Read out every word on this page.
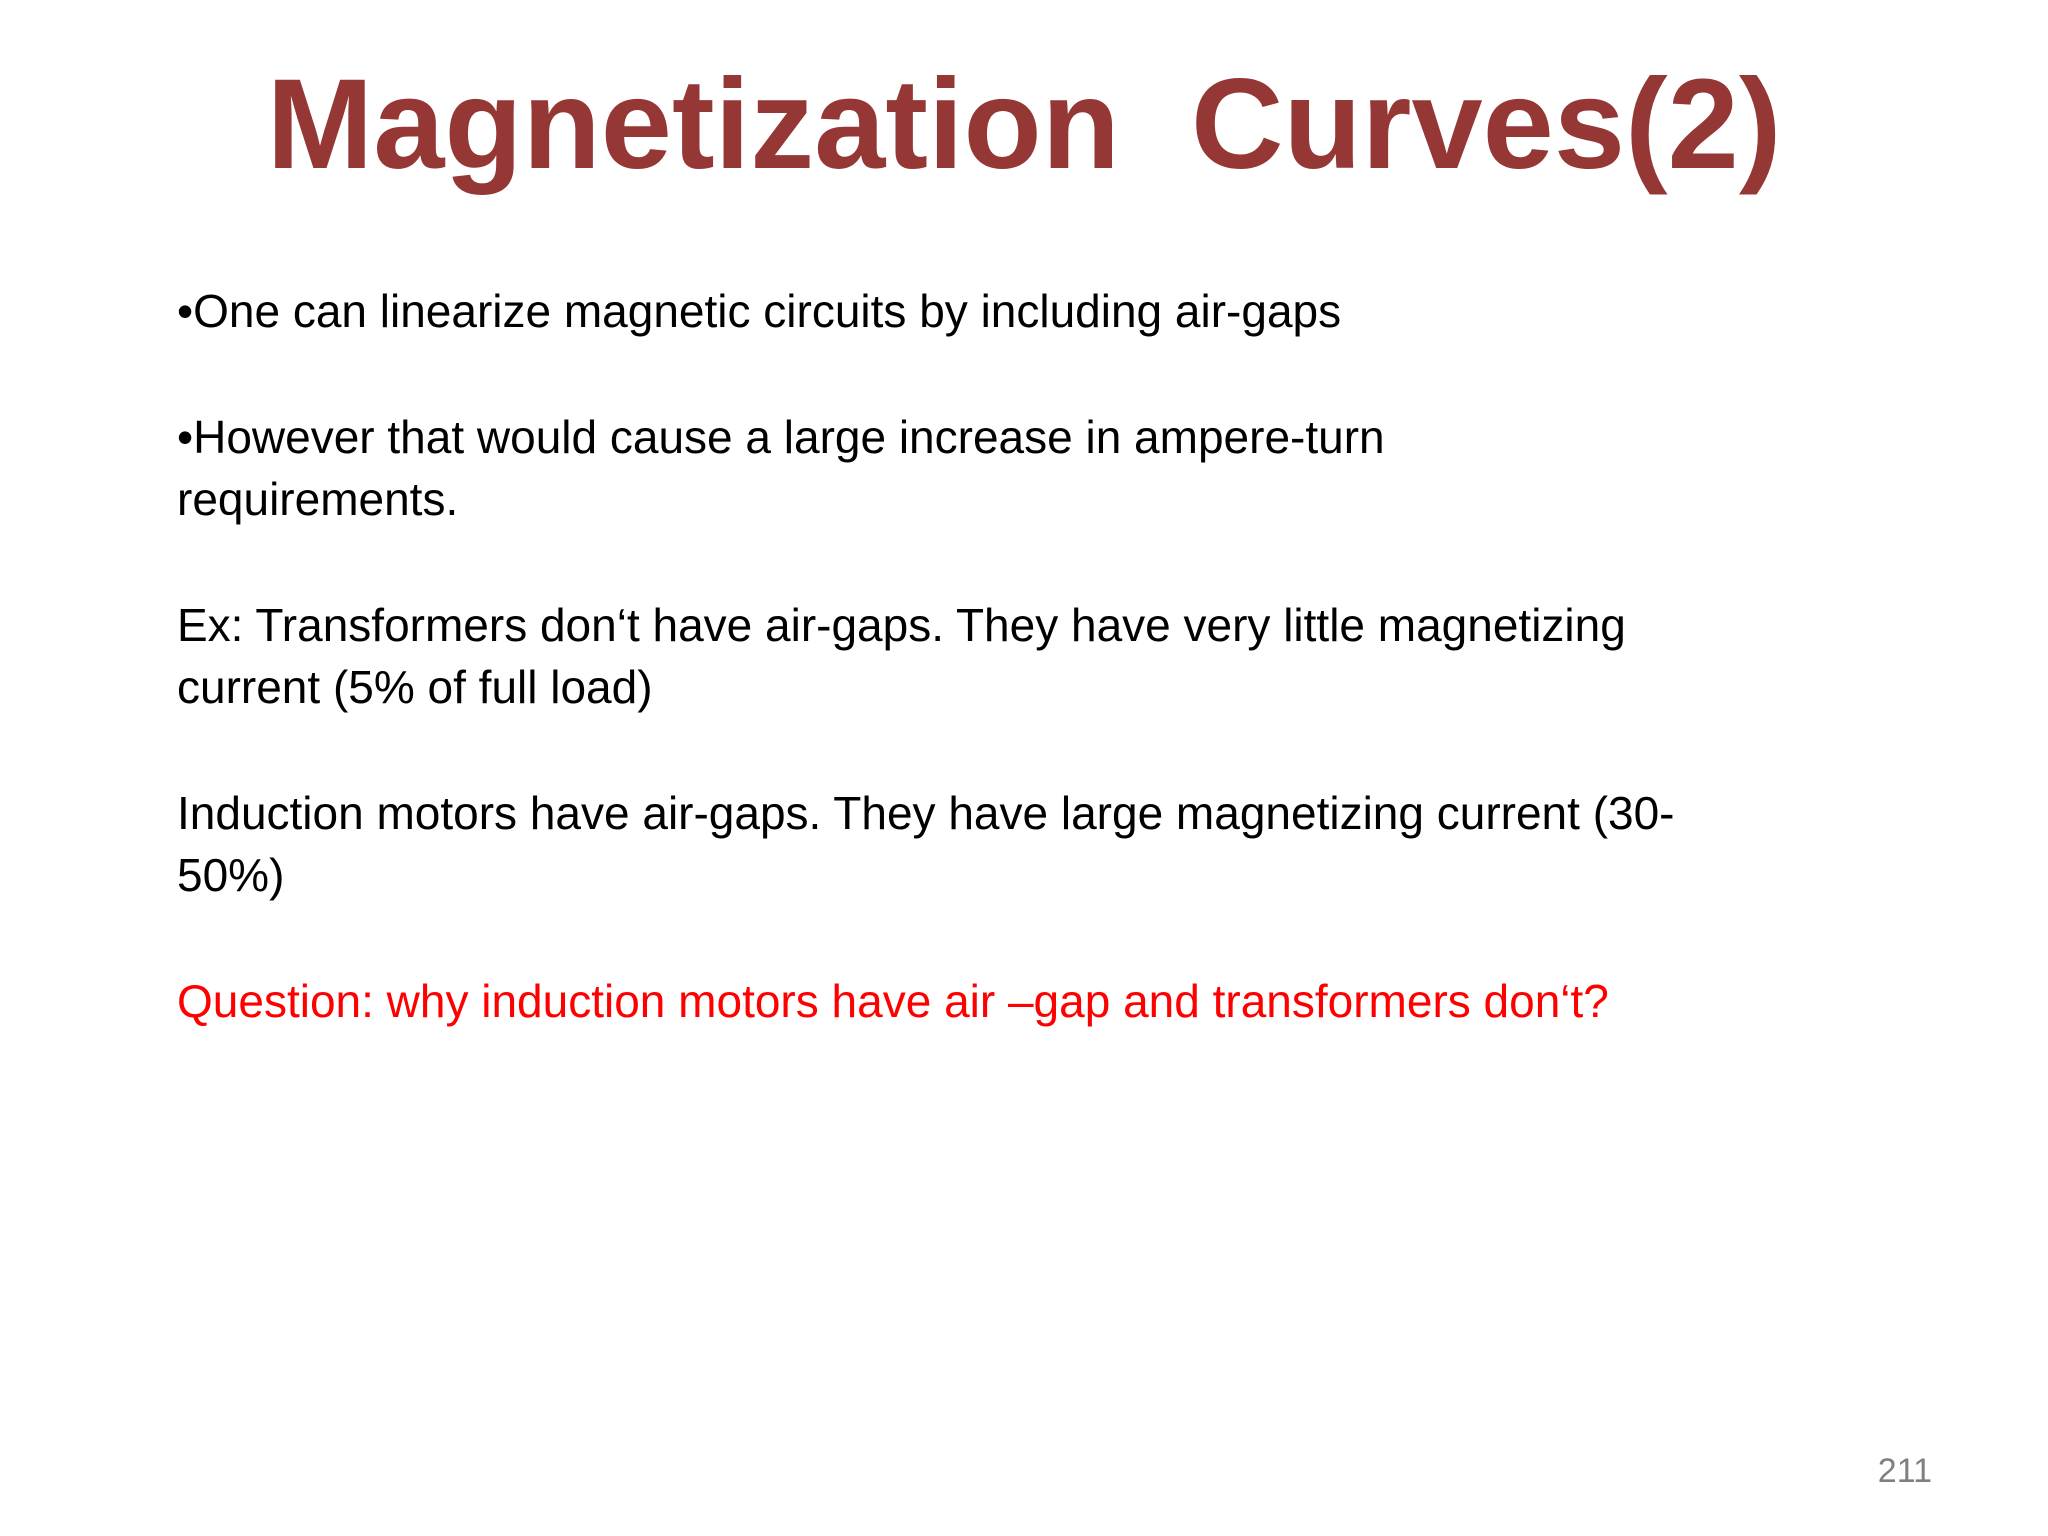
Magnetization  Curves(2)

•One can linearize magnetic circuits by including air-gaps

•However that would cause a large increase in ampere-turn requirements.

Ex: Transformers don‘t have air-gaps. They have very little magnetizing current (5% of full load)

Induction motors have air-gaps. They have large magnetizing current (30-50%)

Question: why induction motors have air –gap and transformers don‘t?

211
